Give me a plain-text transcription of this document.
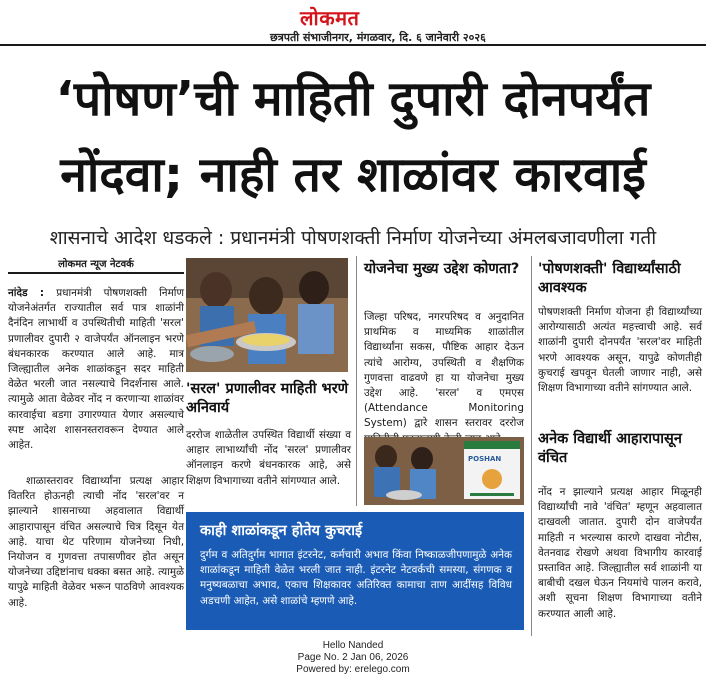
लोकमत
छत्रपती संभाजीनगर, मंगळवार, दि. ६ जानेवारी २०२६
‘पोषण’ची माहिती दुपारी दोनपर्यंत
नोंदवा; नाही तर शाळांवर कारवाई
शासनाचे आदेश धडकले : प्रधानमंत्री पोषणशक्ती निर्माण योजनेच्या अंमलबजावणीला गती
लोकमत न्यूज नेटवर्क

नांदेड : प्रधानमंत्री पोषणशक्ती निर्माण योजनेअंतर्गत राज्यातील सर्व पात्र शाळांनी दैनंदिन लाभार्थी व उपस्थितीची माहिती 'सरल' प्रणालीवर दुपारी २ वाजेपर्यंत ऑनलाइन भरणे बंधनकारक करण्यात आले आहे. मात्र जिल्ह्यातील अनेक शाळांकडून सदर माहिती वेळेत भरली जात नसल्याचे निदर्शनास आले. त्यामुळे आता वेळेवर नोंद न करणाऱ्या शाळांवर कारवाईचा बडगा उगारण्यात येणार असल्याचे स्पष्ट आदेश शासनस्तरावरून देण्यात आले आहेत.

शाळास्तरावर विद्यार्थ्यांना प्रत्यक्ष आहार वितरित होऊनही त्याची नोंद 'सरल'वर न झाल्याने शासनाच्या अहवालात विद्यार्थी आहारापासून वंचित असल्याचे चित्र दिसून येत आहे. याचा थेट परिणाम योजनेच्या निधी, नियोजन व गुणवत्ता तपासणीवर होत असून योजनेच्या उद्दिष्टांनाच धक्का बसत आहे. त्यामुळे यापुढे माहिती वेळेवर भरून पाठविणे आवश्यक आहे.

'सरल' प्रणालीवर माहिती भरणे अनिवार्य

दररोज शाळेतील उपस्थित विद्यार्थी संख्या व आहार लाभार्थ्यांची नोंद 'सरल' प्रणालीवर ऑनलाइन करणे बंधनकारक आहे, असे शिक्षण विभागाच्या वतीने सांगण्यात आले.

योजनेचा मुख्य उद्देश कोणता?

जिल्हा परिषद, नगरपरिषद व अनुदानित प्राथमिक व माध्यमिक शाळांतील विद्यार्थ्यांना सकस, पौष्टिक आहार देऊन त्यांचे आरोग्य, उपस्थिती व शैक्षणिक गुणवत्ता वाढवणे हा या योजनेचा मुख्य उद्देश आहे. 'सरल' व एमएस (Attendance Monitoring System) द्वारे शासन स्तरावर दररोज

POSHAN

'पोषणशक्ती' विद्यार्थ्यांसाठी आवश्यक

पोषणशक्ती निर्माण योजना ही विद्यार्थ्यांच्या आरोग्यासाठी अत्यंत महत्त्वाची आहे. सर्व शाळांनी दुपारी दोनपर्यंत 'सरल'वर माहिती भरणे आवश्यक असून, यापुढे कोणतीही कुचराई खपवून घेतली जाणार नाही, असे शिक्षण विभागाच्या वतीने सांगण्यात आले.

अनेक विद्यार्थी आहारापासून वंचित

नोंद न झाल्याने प्रत्यक्ष आहार मिळूनही विद्यार्थ्यांची नावे 'वंचित' म्हणून अहवालात दाखवली जातात. दुपारी दोन वाजेपर्यंत माहिती न भरल्यास कारणे दाखवा नोटीस, वेतनवाढ रोखणे अथवा विभागीय कारवाई प्रस्तावित आहे. जिल्ह्यातील सर्व शाळांनी या बाबीची दखल घेऊन नियमांचे पालन करावे, अशी सूचना शिक्षण विभागाच्या वतीने करण्यात आली आहे.

काही शाळांकडून होतेय कुचराई

दुर्गम व अतिदुर्गम भागात इंटरनेट, कर्मचारी अभाव किंवा निष्काळजीपणामुळे अनेक शाळांकडून माहिती वेळेत भरली जात नाही. इंटरनेट नेटवर्कची समस्या, संगणक व मनुष्यबळाचा अभाव, एकाच शिक्षकावर अतिरिक्त कामाचा ताण आदींसह विविध अडचणी आहेत, असे शाळांचे म्हणणे आहे.

Hello Nanded
Page No. 2 Jan 06, 2026
Powered by: erelego.com
